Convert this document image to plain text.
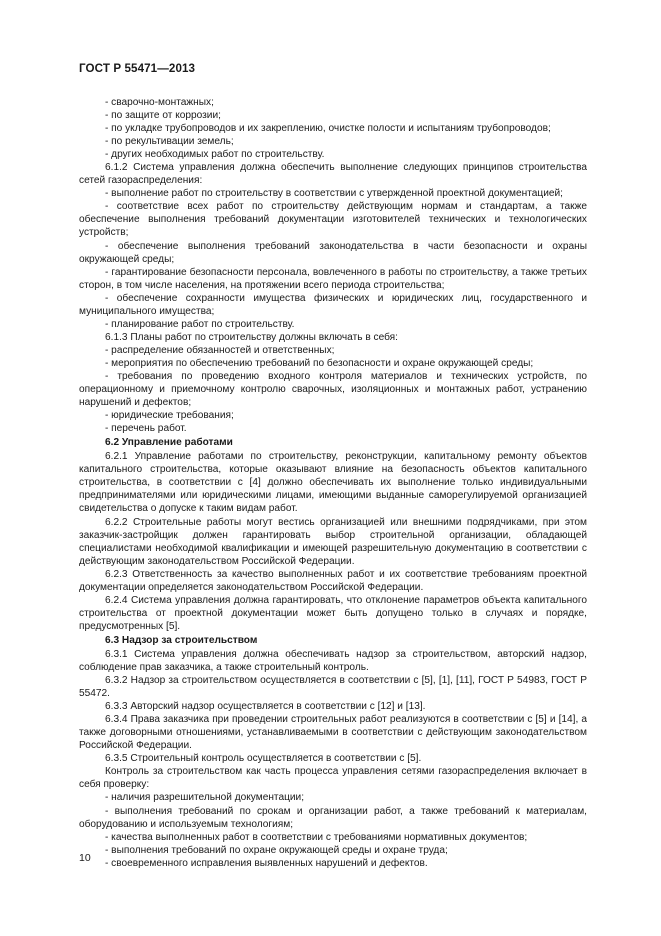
ГОСТ Р 55471—2013

- сварочно-монтажных;

- по защите от коррозии;

- по укладке трубопроводов и их закреплению, очистке полости и испытаниям трубопроводов;

- по рекультивации земель;

- других необходимых работ по строительству.

6.1.2 Система управления должна обеспечить выполнение следующих принципов строительства сетей газораспределения:

- выполнение работ по строительству в соответствии с утвержденной проектной документацией;

- соответствие всех работ по строительству действующим нормам и стандартам, а также обеспечение выполнения требований документации изготовителей технических и технологических устройств;

- обеспечение выполнения требований законодательства в части безопасности и охраны окружающей среды;

- гарантирование безопасности персонала, вовлеченного в работы по строительству, а также третьих сторон, в том числе населения, на протяжении всего периода строительства;

- обеспечение сохранности имущества физических и юридических лиц, государственного и муниципального имущества;

- планирование работ по строительству.

6.1.3 Планы работ по строительству должны включать в себя:

- распределение обязанностей и ответственных;

- мероприятия по обеспечению требований по безопасности и охране окружающей среды;

- требования по проведению входного контроля материалов и технических устройств, по операционному и приемочному контролю сварочных, изоляционных и монтажных работ, устранению нарушений и дефектов;

- юридические требования;

- перечень работ.

6.2 Управление работами

6.2.1 Управление работами по строительству, реконструкции, капитальному ремонту объектов капитального строительства, которые оказывают влияние на безопасность объектов капитального строительства, в соответствии с [4] должно обеспечивать их выполнение только индивидуальными предпринимателями или юридическими лицами, имеющими выданные саморегулируемой организацией свидетельства о допуске к таким видам работ.

6.2.2 Строительные работы могут вестись организацией или внешними подрядчиками, при этом заказчик-застройщик должен гарантировать выбор строительной организации, обладающей специалистами необходимой квалификации и имеющей разрешительную документацию в соответствии с действующим законодательством Российской Федерации.

6.2.3 Ответственность за качество выполненных работ и их соответствие требованиям проектной документации определяется законодательством Российской Федерации.

6.2.4 Система управления должна гарантировать, что отклонение параметров объекта капитального строительства от проектной документации может быть допущено только в случаях и порядке, предусмотренных [5].

6.3 Надзор за строительством

6.3.1 Система управления должна обеспечивать надзор за строительством, авторский надзор, соблюдение прав заказчика, а также строительный контроль.

6.3.2 Надзор за строительством осуществляется в соответствии с [5], [1], [11], ГОСТ Р 54983, ГОСТ Р 55472.

6.3.3 Авторский надзор осуществляется в соответствии с [12] и [13].

6.3.4 Права заказчика при проведении строительных работ реализуются в соответствии с [5] и [14], а также договорными отношениями, устанавливаемыми в соответствии с действующим законодательством Российской Федерации.

6.3.5 Строительный контроль осуществляется в соответствии с [5].

Контроль за строительством как часть процесса управления сетями газораспределения включает в себя проверку:

- наличия разрешительной документации;

- выполнения требований по срокам и организации работ, а также требований к материалам, оборудованию и используемым технологиям;

- качества выполненных работ в соответствии с требованиями нормативных документов;

- выполнения требований по охране окружающей среды и охране труда;

- своевременного исправления выявленных нарушений и дефектов.

10
